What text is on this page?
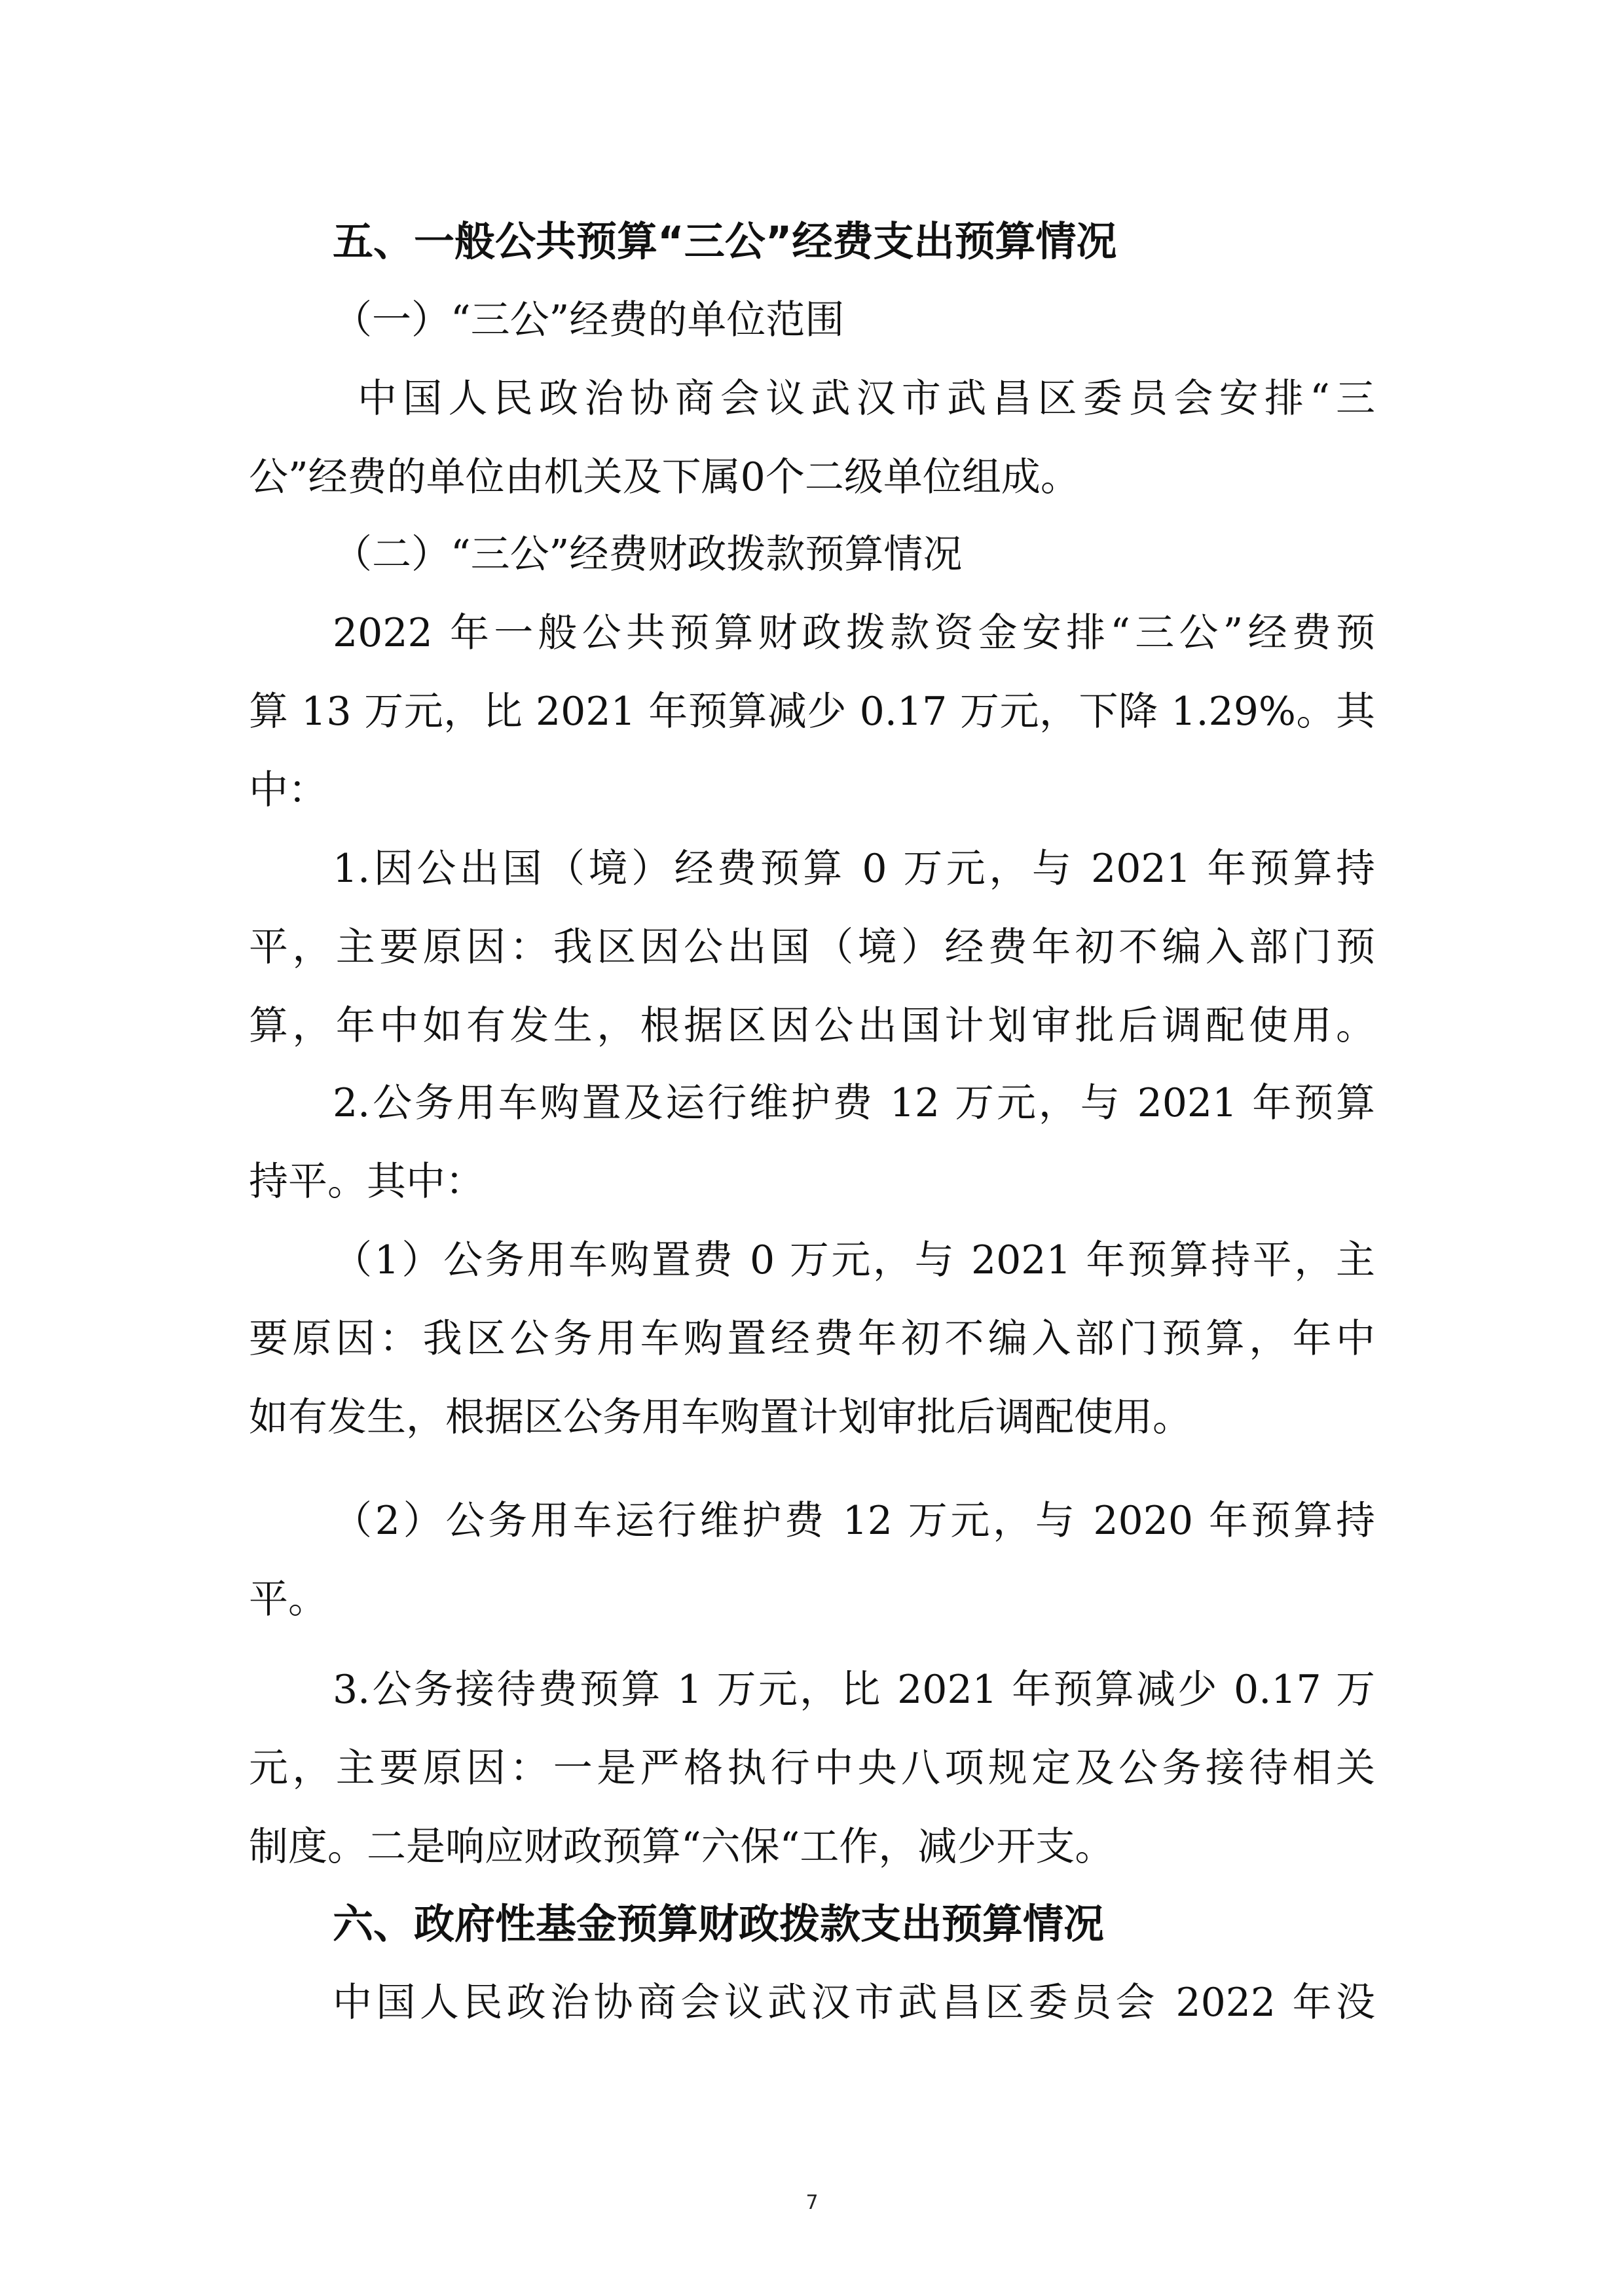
五、一般公共预算“三公”经费支出预算情况
（一）“三公”经费的单位范围
中国人民政治协商会议武汉市武昌区委员会安排“三
公”经费的单位由机关及下属0个二级单位组成。
（二）“三公”经费财政拨款预算情况
2022 年一般公共预算财政拨款资金安排“三公”经费预
算 13 万元，比 2021 年预算减少 0.17 万元，下降 1.29%。其
中：
1.因公出国（境）经费预算 0 万元，与 2021 年预算持
平，主要原因：我区因公出国（境）经费年初不编入部门预
算，年中如有发生，根据区因公出国计划审批后调配使用。
2.公务用车购置及运行维护费 12 万元，与 2021 年预算
持平。其中：
（1）公务用车购置费 0 万元，与 2021 年预算持平，主
要原因：我区公务用车购置经费年初不编入部门预算，年中
如有发生，根据区公务用车购置计划审批后调配使用。
（2）公务用车运行维护费 12 万元，与 2020 年预算持
平。
3.公务接待费预算 1 万元，比 2021 年预算减少 0.17 万
元，主要原因：一是严格执行中央八项规定及公务接待相关
制度。二是响应财政预算“六保“工作，减少开支。
六、政府性基金预算财政拨款支出预算情况
中国人民政治协商会议武汉市武昌区委员会 2022 年没
7
